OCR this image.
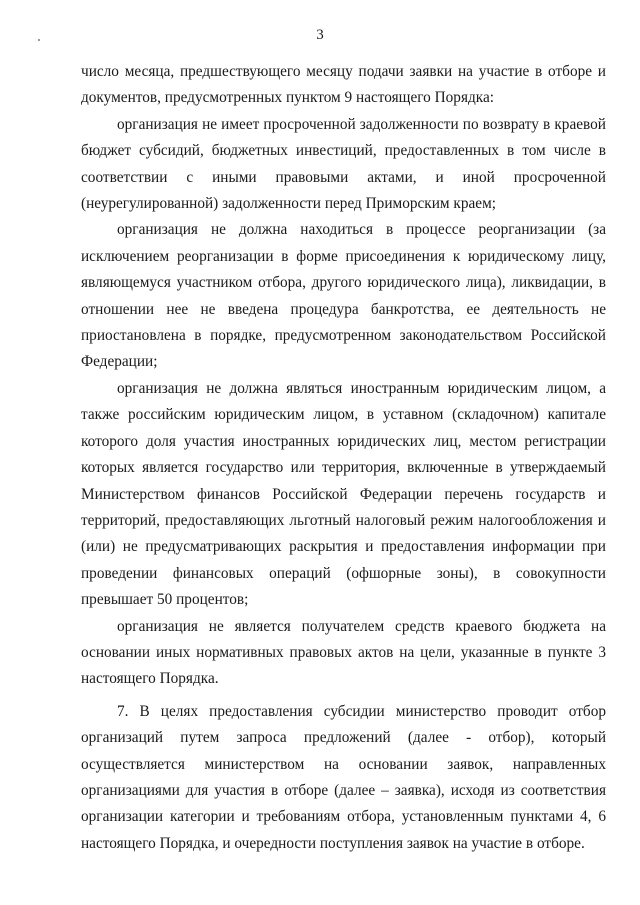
3

число месяца, предшествующего месяцу подачи заявки на участие в отборе и документов, предусмотренных пунктом 9 настоящего Порядка:

организация не имеет просроченной задолженности по возврату в краевой бюджет субсидий, бюджетных инвестиций, предоставленных в том числе в соответствии с иными правовыми актами, и иной просроченной (неурегулированной) задолженности перед Приморским краем;

организация не должна находиться в процессе реорганизации (за исключением реорганизации в форме присоединения к юридическому лицу, являющемуся участником отбора, другого юридического лица), ликвидации, в отношении нее не введена процедура банкротства, ее деятельность не приостановлена в порядке, предусмотренном законодательством Российской Федерации;

организация не должна являться иностранным юридическим лицом, а также российским юридическим лицом, в уставном (складочном) капитале которого доля участия иностранных юридических лиц, местом регистрации которых является государство или территория, включенные в утверждаемый Министерством финансов Российской Федерации перечень государств и территорий, предоставляющих льготный налоговый режим налогообложения и (или) не предусматривающих раскрытия и предоставления информации при проведении финансовых операций (офшорные зоны), в совокупности превышает 50 процентов;

организация не является получателем средств краевого бюджета на основании иных нормативных правовых актов на цели, указанные в пункте 3 настоящего Порядка.

7. В целях предоставления субсидии министерство проводит отбор организаций путем запроса предложений (далее - отбор), который осуществляется министерством на основании заявок, направленных организациями для участия в отборе (далее – заявка), исходя из соответствия организации категории и требованиям отбора, установленным пунктами 4, 6 настоящего Порядка, и очередности поступления заявок на участие в отборе.
